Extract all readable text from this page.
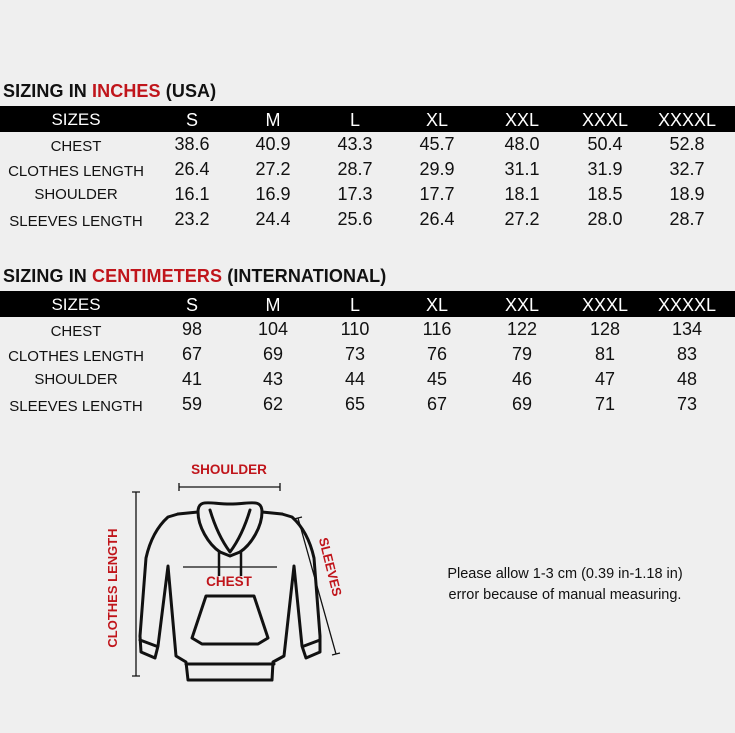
SIZING IN INCHES (USA)
SIZES	S	M	L	XL	XXL	XXXL	XXXXL
CHEST	38.6	40.9	43.3	45.7	48.0	50.4	52.8
CLOTHES LENGTH	26.4	27.2	28.7	29.9	31.1	31.9	32.7
SHOULDER	16.1	16.9	17.3	17.7	18.1	18.5	18.9
SLEEVES LENGTH	23.2	24.4	25.6	26.4	27.2	28.0	28.7
SIZING IN CENTIMETERS (INTERNATIONAL)
SIZES	S	M	L	XL	XXL	XXXL	XXXXL
CHEST	98	104	110	116	122	128	134
CLOTHES LENGTH	67	69	73	76	79	81	83
SHOULDER	41	43	44	45	46	47	48
SLEEVES LENGTH	59	62	65	67	69	71	73
SHOULDER
CHEST
CLOTHES LENGTH	SLEEVES	Please allow 1-3 cm (0.39 in-1.18 in)
error because of manual measuring.
